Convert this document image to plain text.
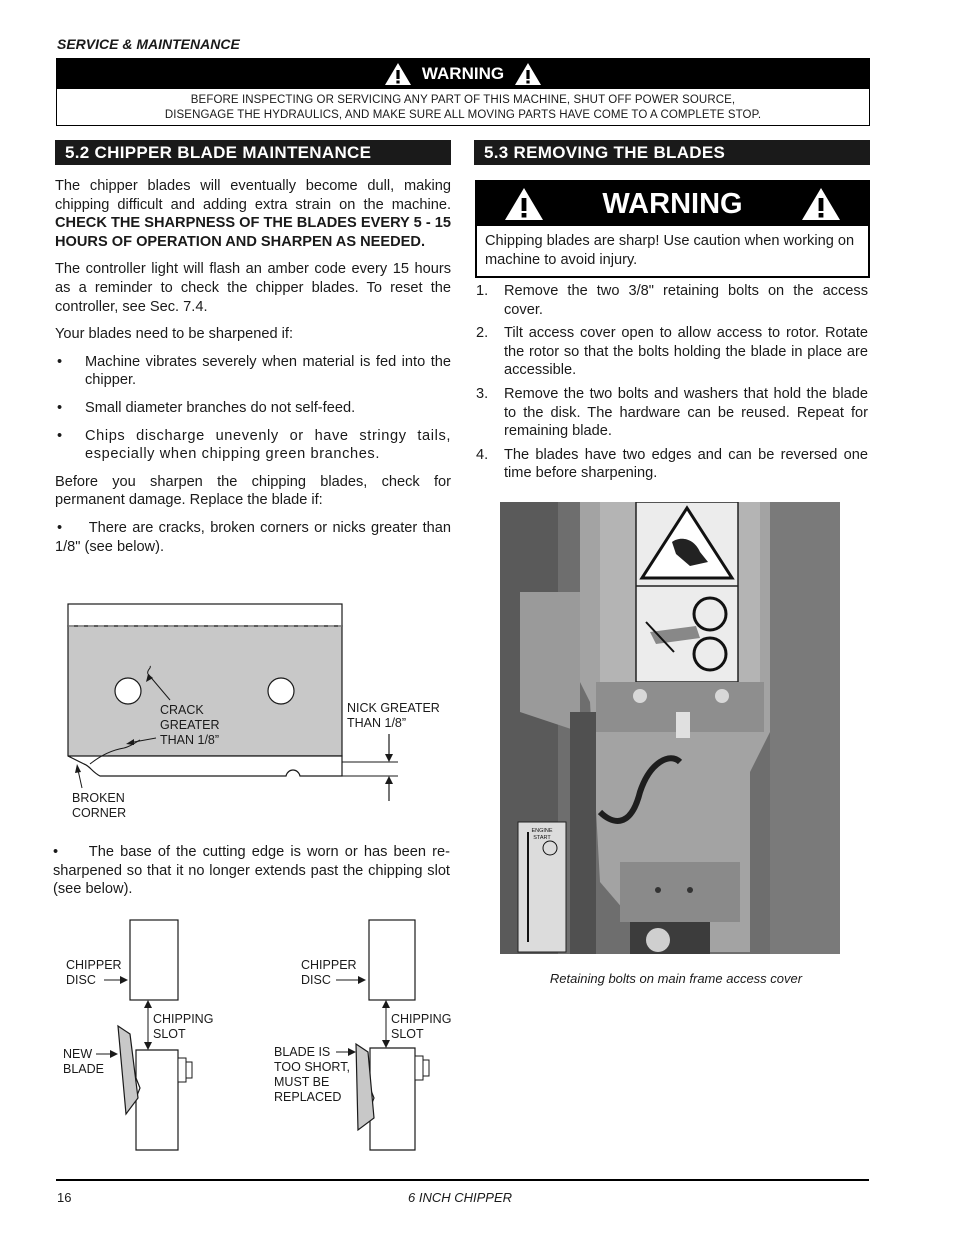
SERVICE & MAINTENANCE
WARNING
BEFORE INSPECTING OR SERVICING ANY PART OF THIS MACHINE, SHUT OFF POWER SOURCE,
DISENGAGE THE HYDRAULICS, AND MAKE SURE ALL MOVING PARTS HAVE COME TO A COMPLETE STOP.
5.2 CHIPPER BLADE MAINTENANCE

The chipper blades will eventually become dull, making chipping difficult and adding extra strain on the machine. CHECK THE SHARPNESS OF THE BLADES EVERY 5 - 15 HOURS OF OPERATION AND SHARPEN AS NEEDED.

The controller light will flash an amber code every 15 hours as a reminder to check the chipper blades. To reset the controller, see Sec. 7.4.

Your blades need to be sharpened if:

•	Machine vibrates severely when material is fed into the chipper.
•	Small diameter branches do not self-feed.
•	Chips discharge unevenly or have stringy tails, especially when chipping green branches.

Before you sharpen the chipping blades, check for permanent damage. Replace the blade if:

• There are cracks, broken corners or nicks greater than 1/8" (see below).

CRACK
GREATER
THAN 1/8”
NICK GREATER
THAN 1/8”
BROKEN
CORNER
• The base of the cutting edge is worn or has been re-sharpened so that it no longer extends past the chipping slot (see below).
CHIPPER
DISC
CHIPPING
SLOT
NEW
BLADE
CHIPPER
DISC
CHIPPING
SLOT
BLADE IS
TOO SHORT,
MUST BE
REPLACED
5.3 REMOVING THE BLADES
WARNING
Chipping blades are sharp! Use caution when working on machine to avoid injury.
1.	Remove the two 3/8" retaining bolts on the access cover.
2.	Tilt access cover open to allow access to rotor. Rotate the rotor so that the bolts holding the blade in place are accessible.
3.	Remove the two bolts and washers that hold the blade to the disk. The hardware can be reused. Repeat for remaining blade.
4.	The blades have two edges and can be reversed one time before sharpening.
ENGINE
START
Retaining bolts on main frame access cover
16	6 INCH CHIPPER
